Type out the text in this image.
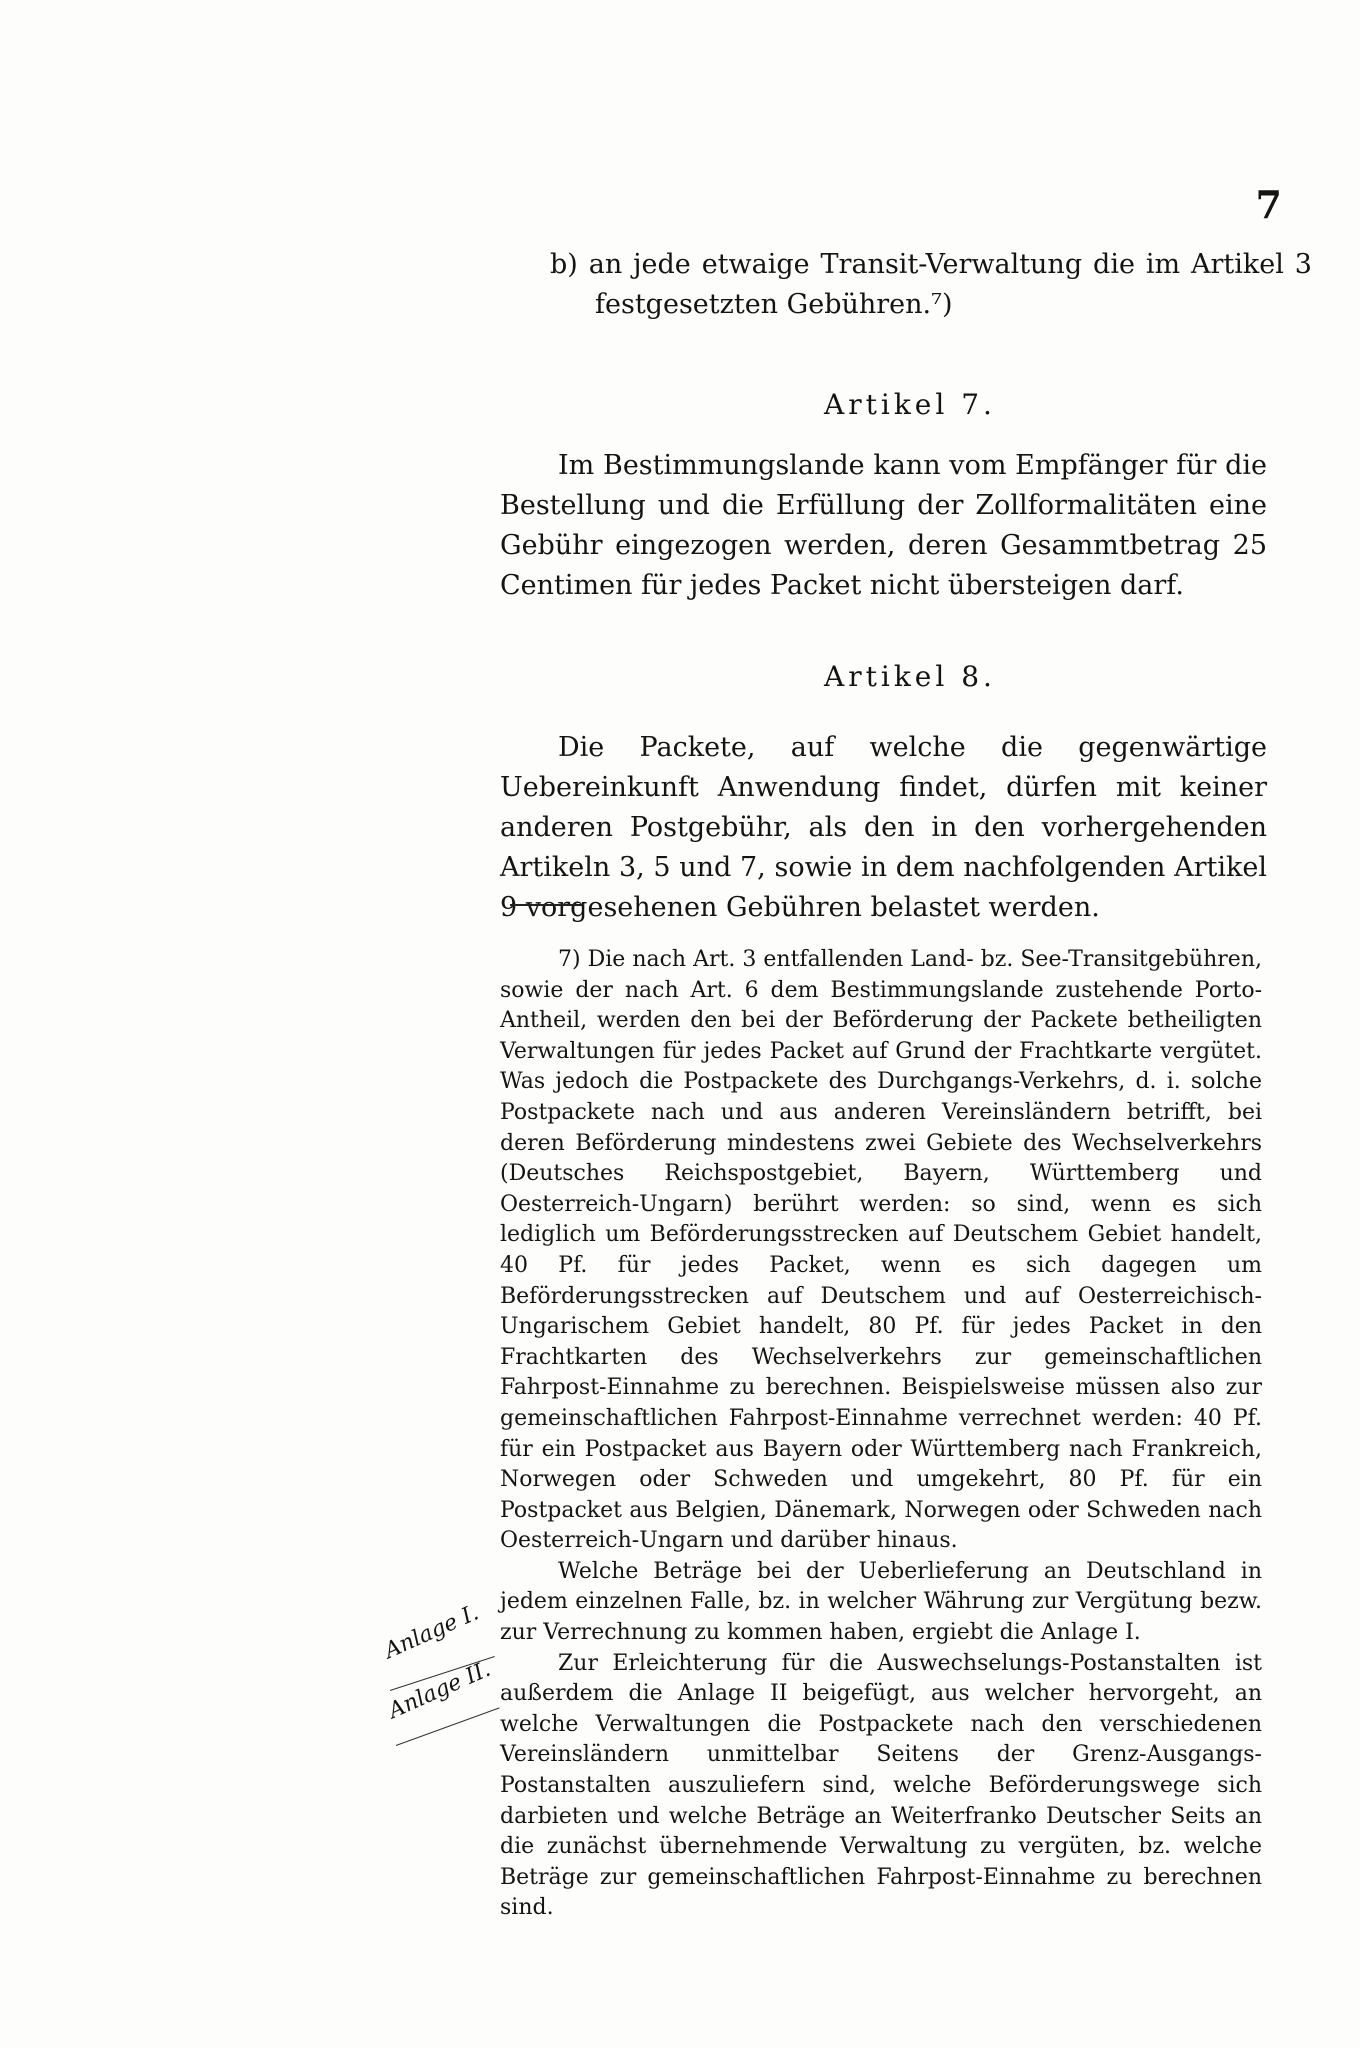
7
b) an jede etwaige Transit-Verwaltung die im Artikel 3 festgesetzten Gebühren.⁷)
Artikel 7.
Im Bestimmungslande kann vom Empfänger für die Bestellung und die Erfüllung der Zollformalitäten eine Gebühr eingezogen werden, deren Gesammtbetrag 25 Centimen für jedes Packet nicht übersteigen darf.
Artikel 8.
Die Packete, auf welche die gegenwärtige Uebereinkunft Anwendung findet, dürfen mit keiner anderen Postgebühr, als den in den vorhergehenden Artikeln 3, 5 und 7, sowie in dem nachfolgenden Artikel 9 vorgesehenen Gebühren belastet werden.

7) Die nach Art. 3 entfallenden Land- bz. See-Transitgebühren, sowie der nach Art. 6 dem Bestimmungslande zustehende Porto-Antheil, werden den bei der Beförderung der Packete betheiligten Verwaltungen für jedes Packet auf Grund der Frachtkarte vergütet. Was jedoch die Postpackete des Durchgangs-Verkehrs, d. i. solche Postpackete nach und aus anderen Vereinsländern betrifft, bei deren Beförderung mindestens zwei Gebiete des Wechselverkehrs (Deutsches Reichspostgebiet, Bayern, Württemberg und Oesterreich-Ungarn) berührt werden: so sind, wenn es sich lediglich um Beförderungsstrecken auf Deutschem Gebiet handelt, 40 Pf. für jedes Packet, wenn es sich dagegen um Beförderungsstrecken auf Deutschem und auf Oesterreichisch-Ungarischem Gebiet handelt, 80 Pf. für jedes Packet in den Frachtkarten des Wechselverkehrs zur gemeinschaftlichen Fahrpost-Einnahme zu berechnen. Beispielsweise müssen also zur gemeinschaftlichen Fahrpost-Einnahme verrechnet werden: 40 Pf. für ein Postpacket aus Bayern oder Württemberg nach Frankreich, Norwegen oder Schweden und umgekehrt, 80 Pf. für ein Postpacket aus Belgien, Dänemark, Norwegen oder Schweden nach Oesterreich-Ungarn und darüber hinaus.

Welche Beträge bei der Ueberlieferung an Deutschland in jedem einzelnen Falle, bz. in welcher Währung zur Vergütung bezw. zur Verrechnung zu kommen haben, ergiebt die Anlage I.

Zur Erleichterung für die Auswechselungs-Postanstalten ist außerdem die Anlage II beigefügt, aus welcher hervorgeht, an welche Verwaltungen die Postpackete nach den verschiedenen Vereinsländern unmittelbar Seitens der Grenz-Ausgangs-Postanstalten auszuliefern sind, welche Beförderungswege sich darbieten und welche Beträge an Weiterfranko Deutscher Seits an die zunächst übernehmende Verwaltung zu vergüten, bz. welche Beträge zur gemeinschaftlichen Fahrpost-Einnahme zu berechnen sind.

Anlage I.
Anlage II.
